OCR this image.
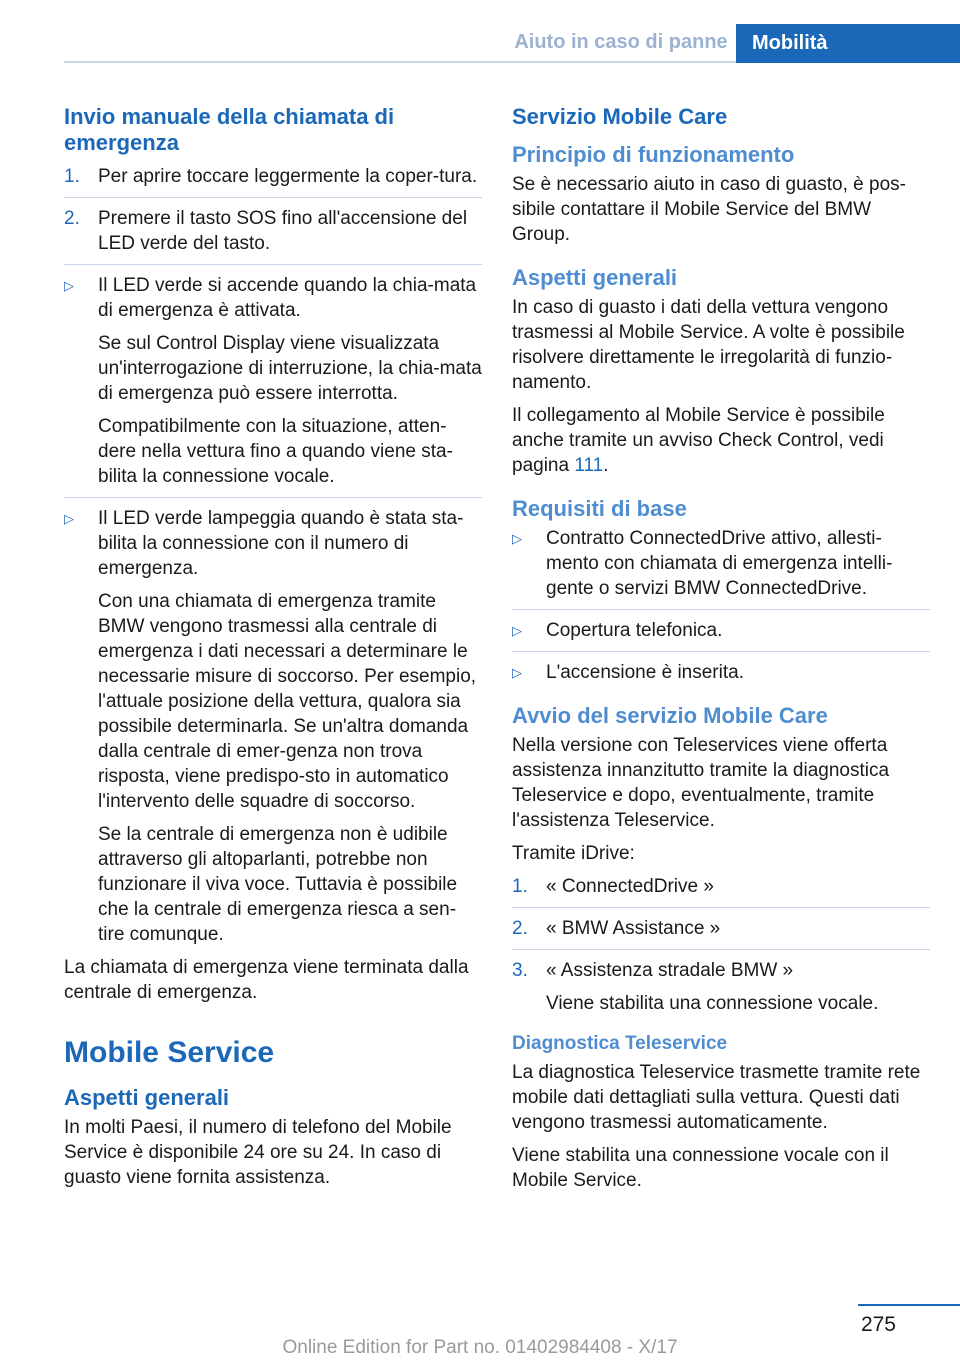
Aiuto in caso di panne	Mobilità
Invio manuale della chiamata di emergenza
1. Per aprire toccare leggermente la coper-tura.
2. Premere il tasto SOS fino all'accensione del LED verde del tasto.
▷	Il LED verde si accende quando la chia-mata di emergenza è attivata.

Se sul Control Display viene visualizzata un'interrogazione di interruzione, la chia-mata di emergenza può essere interrotta.

Compatibilmente con la situazione, atten-dere nella vettura fino a quando viene sta-bilita la connessione vocale.

▷	Il LED verde lampeggia quando è stata sta-bilita la connessione con il numero di emergenza.

Con una chiamata di emergenza tramite BMW vengono trasmessi alla centrale di emergenza i dati necessari a determinare le necessarie misure di soccorso. Per esempio, l'attuale posizione della vettura, qualora sia possibile determinarla. Se un'altra domanda dalla centrale di emer-genza non trova risposta, viene predispo-sto in automatico l'intervento delle squadre di soccorso.

Se la centrale di emergenza non è udibile attraverso gli altoparlanti, potrebbe non funzionare il viva voce. Tuttavia è possibile che la centrale di emergenza riesca a sen-tire comunque.

La chiamata di emergenza viene terminata dalla centrale di emergenza.

Mobile Service
Aspetti generali

In molti Paesi, il numero di telefono del Mobile Service è disponibile 24 ore su 24. In caso di guasto viene fornita assistenza.

Servizio Mobile Care
Principio di funzionamento

Se è necessario aiuto in caso di guasto, è pos-sibile contattare il Mobile Service del BMW Group.

Aspetti generali

In caso di guasto i dati della vettura vengono trasmessi al Mobile Service. A volte è possibile risolvere direttamente le irregolarità di funzio-namento.

Il collegamento al Mobile Service è possibile anche tramite un avviso Check Control, vedi pagina 111.

Requisiti di base
▷	Contratto ConnectedDrive attivo, allesti-mento con chiamata di emergenza intelli-gente o servizi BMW ConnectedDrive.
▷	Copertura telefonica.
▷	L'accensione è inserita.
Avvio del servizio Mobile Care

Nella versione con Teleservices viene offerta assistenza innanzitutto tramite la diagnostica Teleservice e dopo, eventualmente, tramite l'assistenza Teleservice.

Tramite iDrive:

1. « ConnectedDrive »
2. « BMW Assistance »
3. « Assistenza stradale BMW »

Viene stabilita una connessione vocale.

Diagnostica Teleservice

La diagnostica Teleservice trasmette tramite rete mobile dati dettagliati sulla vettura. Questi dati vengono trasmessi automaticamente.

Viene stabilita una connessione vocale con il Mobile Service.

275
Online Edition for Part no. 01402984408 - X/17
